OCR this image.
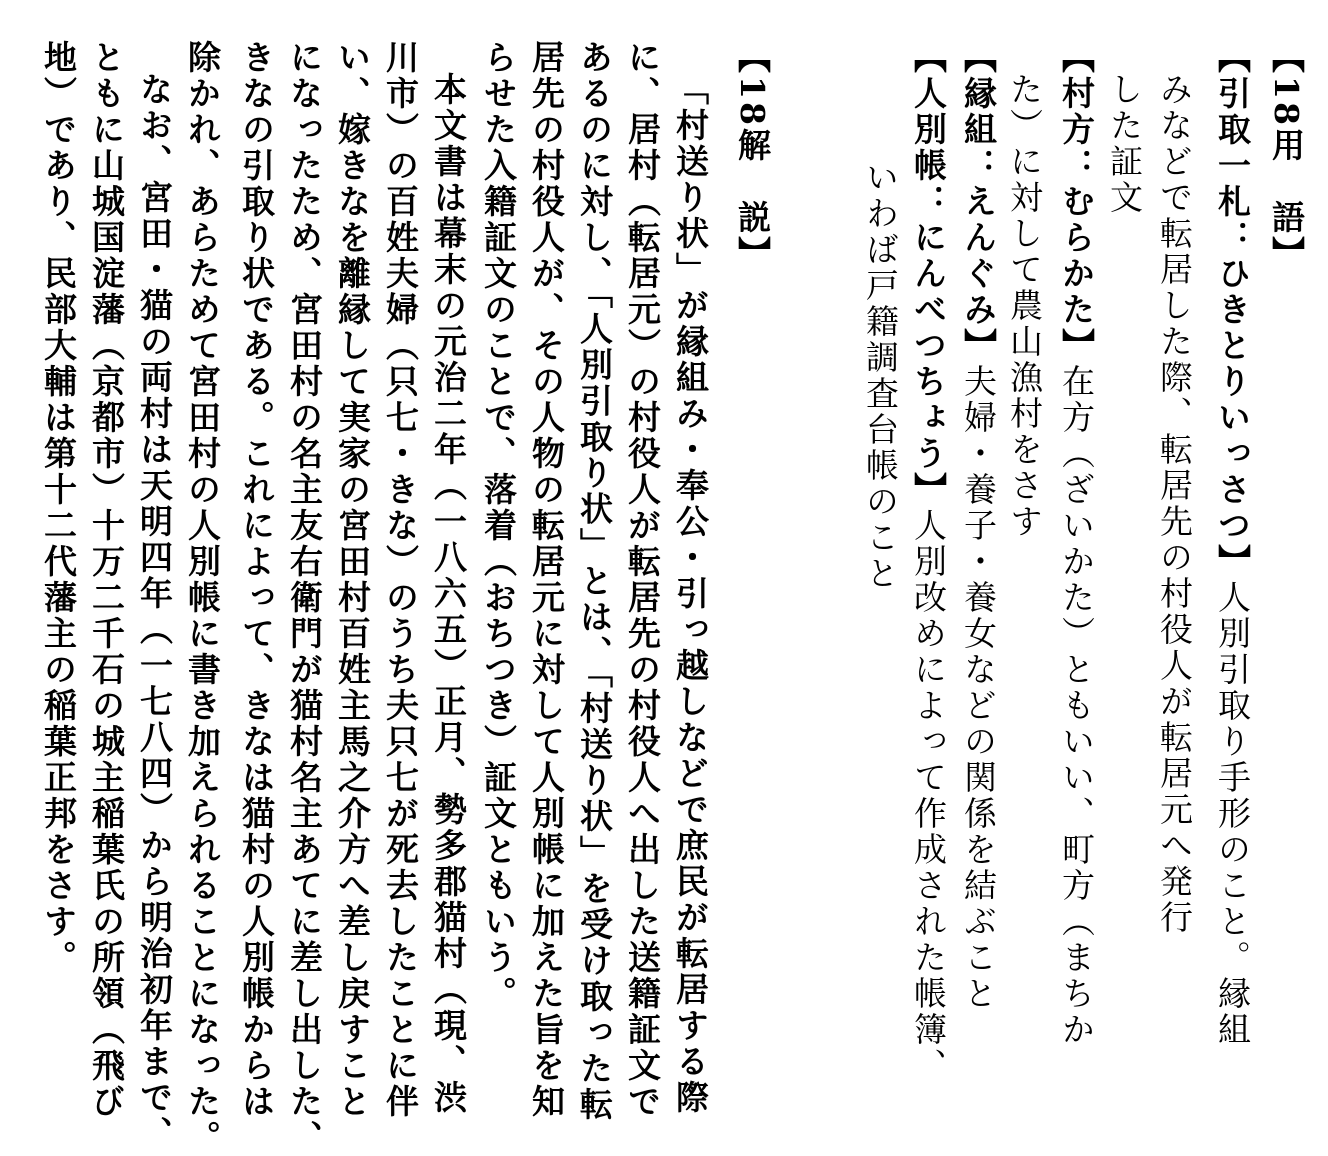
【18用　語】
【引取一札：ひきとりいっさつ】人別引取り手形のこと。縁組
みなどで転居した際、転居先の村役人が転居元へ発行
した証文
【村方：むらかた】在方（ざいかた）ともいい、町方（まちか
た）に対して農山漁村をさす
【縁組：えんぐみ】夫婦・養子・養女などの関係を結ぶこと
【人別帳：にんべつちょう】人別改めによって作成された帳簿、
いわば戸籍調査台帳のこと
【18解　説】
「村送り状」が縁組み・奉公・引っ越しなどで庶民が転居する際
に、居村（転居元）の村役人が転居先の村役人へ出した送籍証文で
あるのに対し、「人別引取り状」とは、「村送り状」を受け取った転
居先の村役人が、その人物の転居元に対して人別帳に加えた旨を知
らせた入籍証文のことで、落着（おちつき）証文ともいう。
本文書は幕末の元治二年（一八六五）正月、勢多郡猫村（現、渋
川市）の百姓夫婦（只七・きな）のうち夫只七が死去したことに伴
い、嫁きなを離縁して実家の宮田村百姓主馬之介方へ差し戻すこと
になったため、宮田村の名主友右衛門が猫村名主あてに差し出した、
きなの引取り状である。これによって、きなは猫村の人別帳からは
除かれ、あらためて宮田村の人別帳に書き加えられることになった。
なお、宮田・猫の両村は天明四年（一七八四）から明治初年まで、
ともに山城国淀藩（京都市）十万二千石の城主稲葉氏の所領（飛び
地）であり、民部大輔は第十二代藩主の稲葉正邦をさす。
